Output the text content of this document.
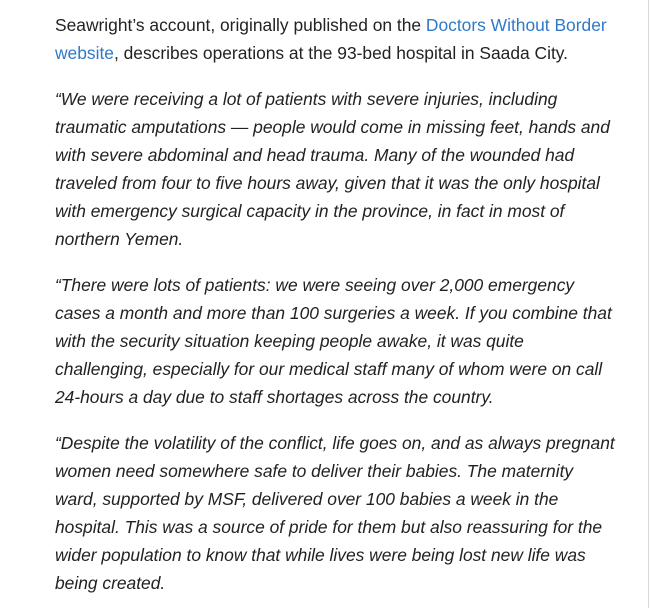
Seawright’s account, originally published on the Doctors Without Border website, describes operations at the 93-bed hospital in Saada City.

“We were receiving a lot of patients with severe injuries, including traumatic amputations — people would come in missing feet, hands and with severe abdominal and head trauma. Many of the wounded had traveled from four to five hours away, given that it was the only hospital with emergency surgical capacity in the province, in fact in most of northern Yemen.

“There were lots of patients: we were seeing over 2,000 emergency cases a month and more than 100 surgeries a week. If you combine that with the security situation keeping people awake, it was quite challenging, especially for our medical staff many of whom were on call 24-hours a day due to staff shortages across the country.

“Despite the volatility of the conflict, life goes on, and as always pregnant women need somewhere safe to deliver their babies. The maternity ward, supported by MSF, delivered over 100 babies a week in the hospital. This was a source of pride for them but also reassuring for the wider population to know that while lives were being lost new life was being created.
